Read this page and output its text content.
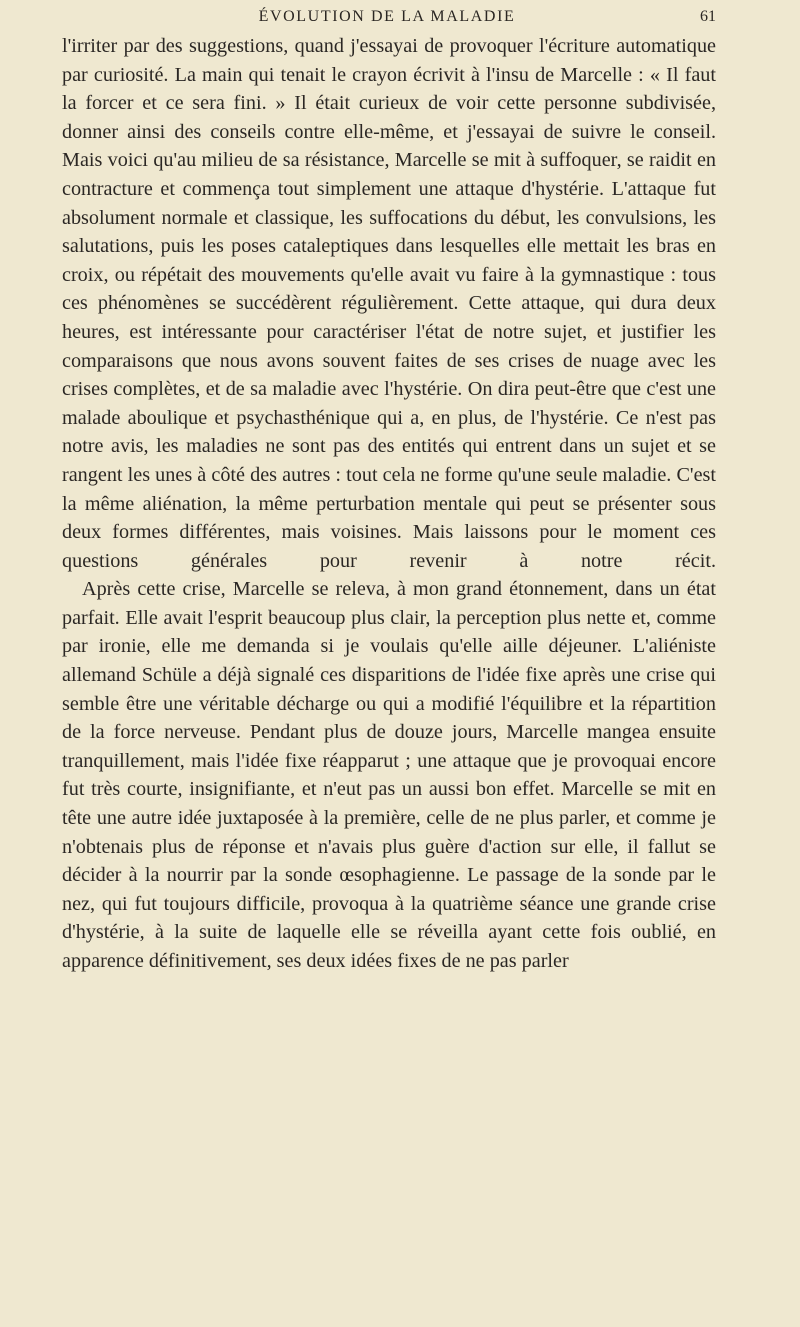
ÉVOLUTION DE LA MALADIE	61

l'irriter par des suggestions, quand j'essayai de provoquer l'écriture automatique par curiosité. La main qui tenait le crayon écrivit à l'insu de Marcelle : « Il faut la forcer et ce sera fini. » Il était curieux de voir cette personne subdivisée, donner ainsi des conseils contre elle-même, et j'essayai de suivre le conseil. Mais voici qu'au milieu de sa résistance, Marcelle se mit à suffoquer, se raidit en contracture et commença tout simplement une attaque d'hystérie. L'attaque fut absolument normale et classique, les suffocations du début, les convulsions, les salutations, puis les poses cataleptiques dans lesquelles elle mettait les bras en croix, ou répétait des mouvements qu'elle avait vu faire à la gymnastique : tous ces phénomènes se succédèrent régulièrement. Cette attaque, qui dura deux heures, est intéressante pour caractériser l'état de notre sujet, et justifier les comparaisons que nous avons souvent faites de ses crises de nuage avec les crises complètes, et de sa maladie avec l'hystérie. On dira peut-être que c'est une malade aboulique et psychasthénique qui a, en plus, de l'hystérie. Ce n'est pas notre avis, les maladies ne sont pas des entités qui entrent dans un sujet et se rangent les unes à côté des autres : tout cela ne forme qu'une seule maladie. C'est la même aliénation, la même perturbation mentale qui peut se présenter sous deux formes différentes, mais voisines. Mais laissons pour le moment ces questions générales pour revenir à notre récit.

Après cette crise, Marcelle se releva, à mon grand étonnement, dans un état parfait. Elle avait l'esprit beaucoup plus clair, la perception plus nette et, comme par ironie, elle me demanda si je voulais qu'elle aille déjeuner. L'aliéniste allemand Schüle a déjà signalé ces disparitions de l'idée fixe après une crise qui semble être une véritable décharge ou qui a modifié l'équilibre et la répartition de la force nerveuse. Pendant plus de douze jours, Marcelle mangea ensuite tranquillement, mais l'idée fixe réapparut ; une attaque que je provoquai encore fut très courte, insignifiante, et n'eut pas un aussi bon effet. Marcelle se mit en tête une autre idée juxtaposée à la première, celle de ne plus parler, et comme je n'obtenais plus de réponse et n'avais plus guère d'action sur elle, il fallut se décider à la nourrir par la sonde œsophagienne. Le passage de la sonde par le nez, qui fut toujours difficile, provoqua à la quatrième séance une grande crise d'hystérie, à la suite de laquelle elle se réveilla ayant cette fois oublié, en apparence définitivement, ses deux idées fixes de ne pas parler
